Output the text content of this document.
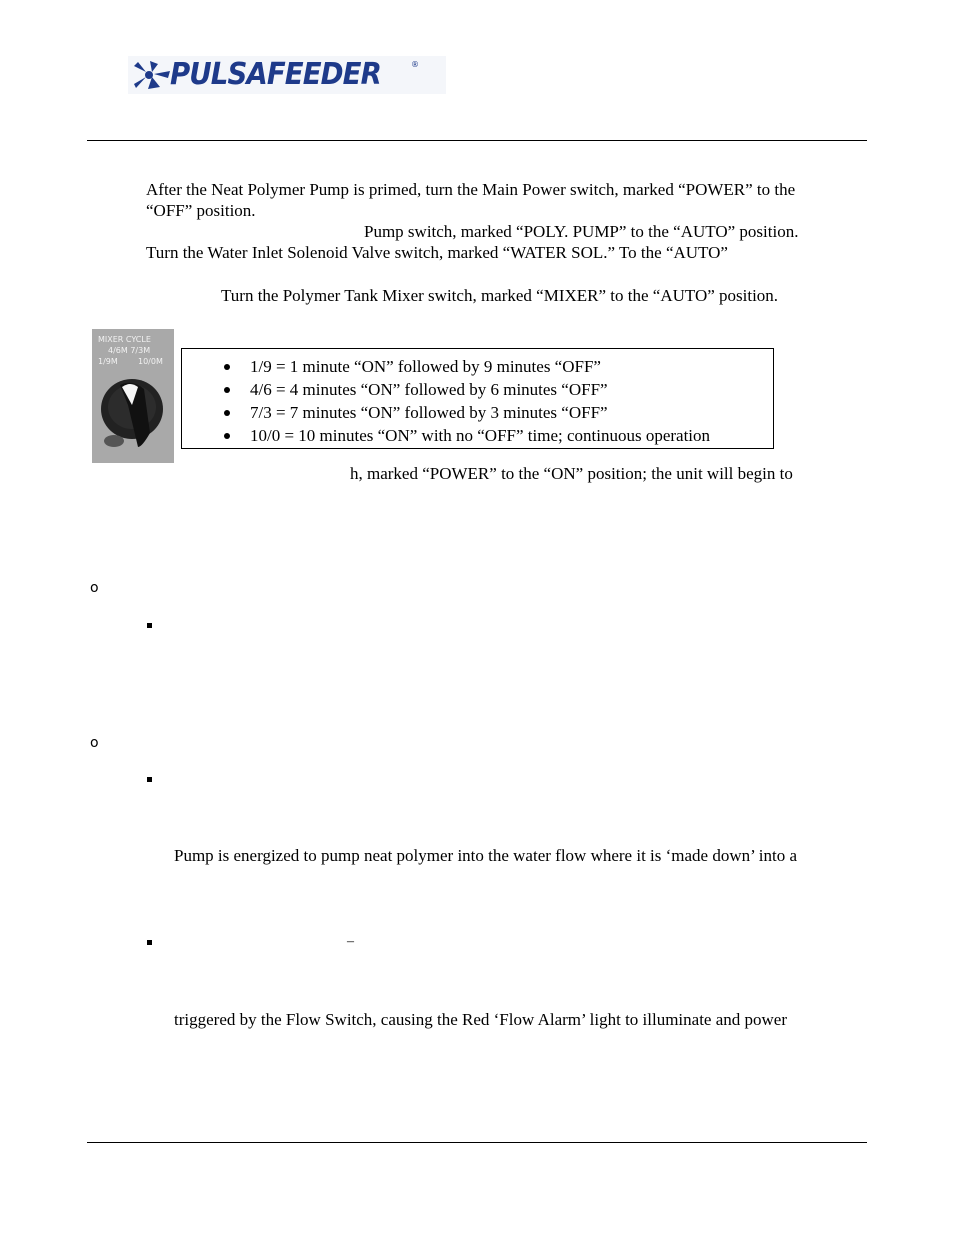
PULSAFEEDER	®
After the Neat Polymer Pump is primed, turn the Main Power switch, marked “POWER” to the
“OFF” position.
Pump switch, marked “POLY. PUMP” to the “AUTO” position.
Turn the Water Inlet Solenoid Valve switch, marked “WATER SOL.” To the “AUTO”
Turn the Polymer Tank Mixer switch, marked “MIXER” to the “AUTO” position.
MIXER CYCLE
4/6M 7/3M
1/9M	10/0M	1/9 = 1 minute “ON” followed by 9 minutes “OFF”
4/6 = 4 minutes “ON” followed by 6 minutes “OFF”
7/3 = 7 minutes “ON” followed by 3 minutes “OFF”
10/0 = 10 minutes “ON” with no “OFF” time; continuous operation
h, marked “POWER” to the “ON” position; the unit will begin to
o
o
Pump is energized to pump neat polymer into the water flow where it is ‘made down’ into a
–
triggered by the Flow Switch, causing the Red ‘Flow Alarm’ light to illuminate and power
